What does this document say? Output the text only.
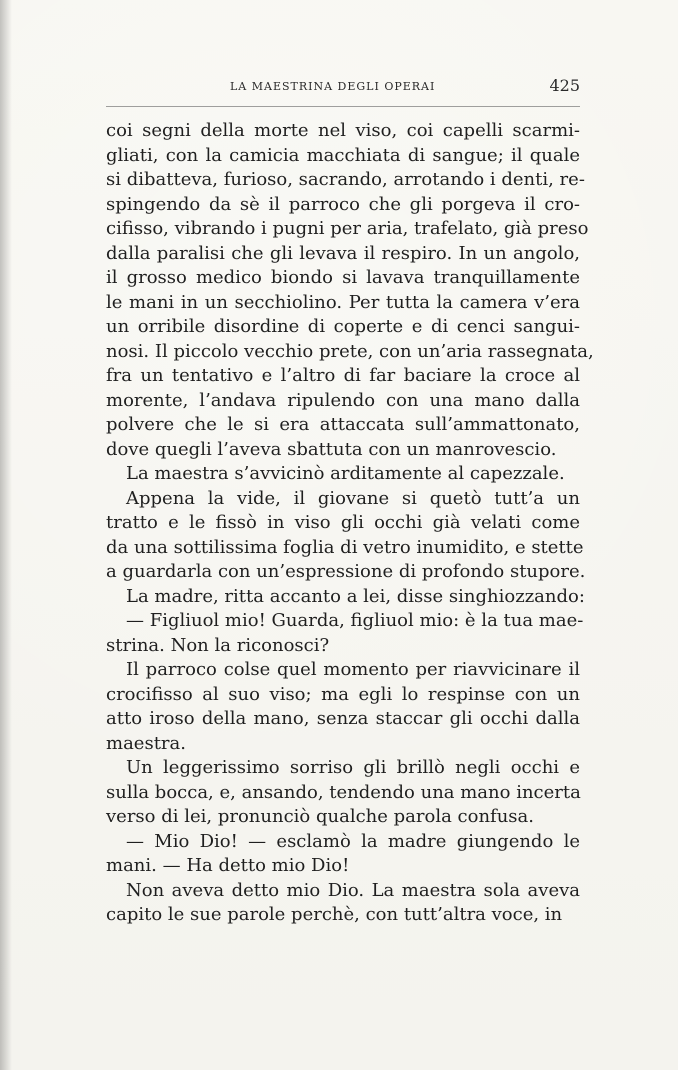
LA MAESTRINA DEGLI OPERAI	425
coi segni della morte nel viso, coi capelli scarmi-
gliati, con la camicia macchiata di sangue; il quale
si dibatteva, furioso, sacrando, arrotando i denti, re-
spingendo da sè il parroco che gli porgeva il cro-
cifisso, vibrando i pugni per aria, trafelato, già preso
dalla paralisi che gli levava il respiro. In un angolo,
il grosso medico biondo si lavava tranquillamente
le mani in un secchiolino. Per tutta la camera v’era
un orribile disordine di coperte e di cenci sangui-
nosi. Il piccolo vecchio prete, con un’aria rassegnata,
fra un tentativo e l’altro di far baciare la croce al
morente, l’andava ripulendo con una mano dalla
polvere che le si era attaccata sull’ammattonato,
dove quegli l’aveva sbattuta con un manrovescio.
La maestra s’avvicinò arditamente al capezzale.
Appena la vide, il giovane si quetò tutt’a un
tratto e le fissò in viso gli occhi già velati come
da una sottilissima foglia di vetro inumidito, e stette
a guardarla con un’espressione di profondo stupore.
La madre, ritta accanto a lei, disse singhiozzando:
— Figliuol mio! Guarda, figliuol mio: è la tua mae-
strina. Non la riconosci?
Il parroco colse quel momento per riavvicinare il
crocifisso al suo viso; ma egli lo respinse con un
atto iroso della mano, senza staccar gli occhi dalla
maestra.
Un leggerissimo sorriso gli brillò negli occhi e
sulla bocca, e, ansando, tendendo una mano incerta
verso di lei, pronunciò qualche parola confusa.
— Mio Dio! — esclamò la madre giungendo le
mani. — Ha detto mio Dio!
Non aveva detto mio Dio. La maestra sola aveva
capito le sue parole perchè, con tutt’altra voce, in
